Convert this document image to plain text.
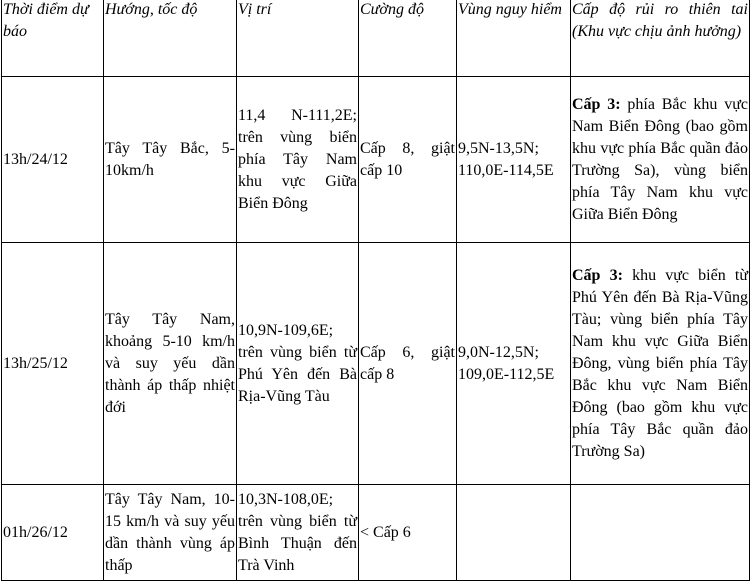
Thời điểm dự báo	Hướng, tốc độ	Vị trí	Cường độ	Vùng nguy hiểm	Cấp độ rủi ro thiên tai (Khu vực chịu ảnh hưởng)
13h/24/12	Tây Tây Bắc, 5-10km/h	11,4 N-111,2E; trên vùng biển phía Tây Nam khu vực Giữa Biển Đông	Cấp 8, giật cấp 10	9,5N-13,5N; 110,0E-114,5E	Cấp 3: phía Bắc khu vực Nam Biển Đông (bao gồm khu vực phía Bắc quần đảo Trường Sa), vùng biển phía Tây Nam khu vực Giữa Biển Đông
13h/25/12	Tây Tây Nam, khoảng 5-10 km/h và suy yếu dần thành áp thấp nhiệt đới	10,9N-109,6E; trên vùng biển từ Phú Yên đến Bà Rịa-Vũng Tàu	Cấp 6, giật cấp 8	9,0N-12,5N; 109,0E-112,5E	Cấp 3: khu vực biển từ Phú Yên đến Bà Rịa-Vũng Tàu; vùng biển phía Tây Nam khu vực Giữa Biển Đông, vùng biển phía Tây Bắc khu vực Nam Biển Đông (bao gồm khu vực phía Tây Bắc quần đảo Trường Sa)
01h/26/12	Tây Tây Nam, 10-15 km/h và suy yếu dần thành vùng áp thấp	10,3N-108,0E; trên vùng biển từ Bình Thuận đến Trà Vinh	< Cấp 6		
